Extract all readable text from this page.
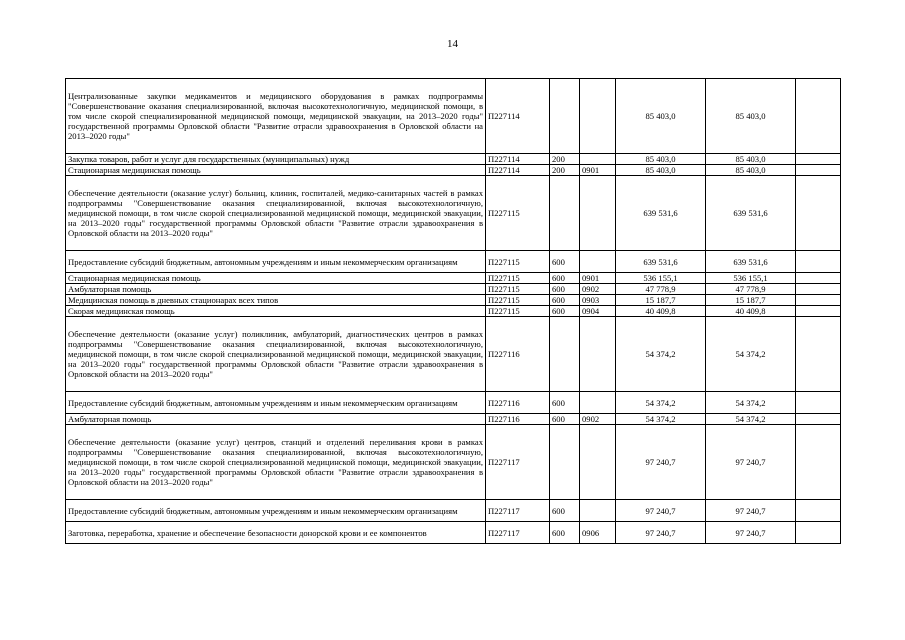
14
Централизованные закупки медикаментов и медицинского оборудования в рамках подпрограммы "Совершенствование оказания специализированной, включая высокотехнологичную, медицинской помощи, в том числе скорой специализированной медицинской помощи, медицинской эвакуации, на 2013–2020 годы" государственной программы Орловской области "Развитие отрасли здравоохранения в Орловской области на 2013–2020 годы"	П227114			85 403,0	85 403,0	
Закупка товаров, работ и услуг для государственных (муниципальных) нужд	П227114	200		85 403,0	85 403,0	
Стационарная медицинская помощь	П227114	200	0901	85 403,0	85 403,0	
Обеспечение деятельности (оказание услуг) больниц, клиник, госпиталей, медико-санитарных частей в рамках подпрограммы "Совершенствование оказания специализированной, включая высокотехнологичную, медицинской помощи, в том числе скорой специализированной медицинской помощи, медицинской эвакуации, на 2013–2020 годы" государственной программы Орловской области "Развитие отрасли здравоохранения в Орловской области на 2013–2020 годы"	П227115			639 531,6	639 531,6	
Предоставление субсидий бюджетным, автономным учреждениям и иным некоммерческим организациям	П227115	600		639 531,6	639 531,6	
Стационарная медицинская помощь	П227115	600	0901	536 155,1	536 155,1	
Амбулаторная помощь	П227115	600	0902	47 778,9	47 778,9	
Медицинская помощь в дневных стационарах всех типов	П227115	600	0903	15 187,7	15 187,7	
Скорая медицинская помощь	П227115	600	0904	40 409,8	40 409,8	
Обеспечение деятельности (оказание услуг) поликлиник, амбулаторий, диагностических центров в рамках подпрограммы "Совершенствование оказания специализированной, включая высокотехнологичную, медицинской помощи, в том числе скорой специализированной медицинской помощи, медицинской эвакуации, на 2013–2020 годы" государственной программы Орловской области "Развитие отрасли здравоохранения в Орловской области на 2013–2020 годы"	П227116			54 374,2	54 374,2	
Предоставление субсидий бюджетным, автономным учреждениям и иным некоммерческим организациям	П227116	600		54 374,2	54 374,2	
Амбулаторная помощь	П227116	600	0902	54 374,2	54 374,2	
Обеспечение деятельности (оказание услуг) центров, станций и отделений переливания крови в рамках подпрограммы "Совершенствование оказания специализированной, включая высокотехнологичную, медицинской помощи, в том числе скорой специализированной медицинской помощи, медицинской эвакуации, на 2013–2020 годы" государственной программы Орловской области "Развитие отрасли здравоохранения в Орловской области на 2013–2020 годы"	П227117			97 240,7	97 240,7	
Предоставление субсидий бюджетным, автономным учреждениям и иным некоммерческим организациям	П227117	600		97 240,7	97 240,7	
Заготовка, переработка, хранение и обеспечение безопасности донорской крови и ее компонентов	П227117	600	0906	97 240,7	97 240,7	
